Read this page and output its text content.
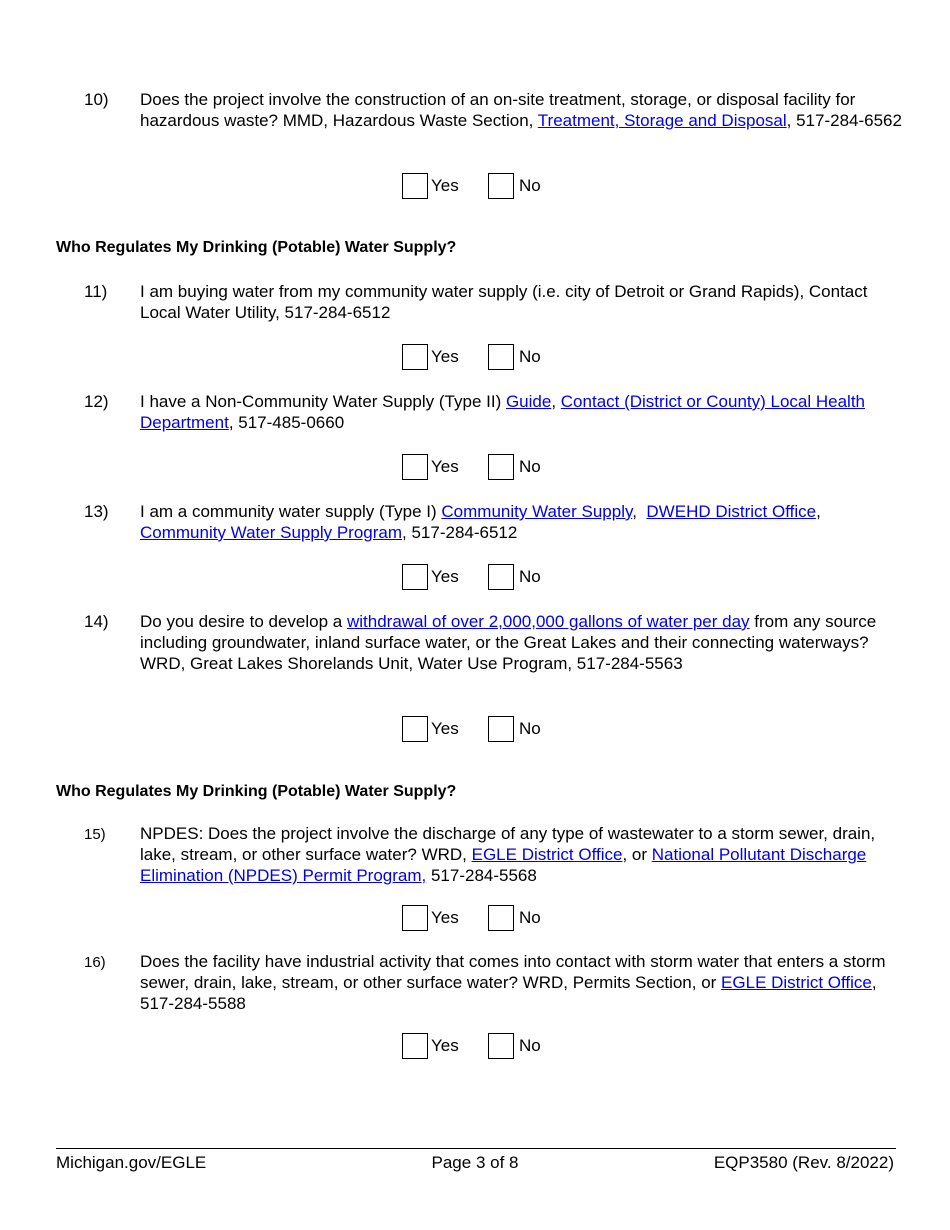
10) Does the project involve the construction of an on-site treatment, storage, or disposal facility for hazardous waste? MMD, Hazardous Waste Section, Treatment, Storage and Disposal, 517-284-6562
Yes	No
Who Regulates My Drinking (Potable) Water Supply?
11) I am buying water from my community water supply (i.e. city of Detroit or Grand Rapids), Contact Local Water Utility, 517-284-6512
Yes	No
12) I have a Non-Community Water Supply (Type II) Guide, Contact (District or County) Local Health Department, 517-485-0660
Yes	No
13) I am a community water supply (Type I) Community Water Supply,  DWEHD District Office, Community Water Supply Program, 517-284-6512
Yes	No
14) Do you desire to develop a withdrawal of over 2,000,000 gallons of water per day from any source including groundwater, inland surface water, or the Great Lakes and their connecting waterways? WRD, Great Lakes Shorelands Unit, Water Use Program, 517-284-5563
Yes	No
Who Regulates My Drinking (Potable) Water Supply?
15) NPDES: Does the project involve the discharge of any type of wastewater to a storm sewer, drain, lake, stream, or other surface water? WRD, EGLE District Office, or National Pollutant Discharge Elimination (NPDES) Permit Program, 517-284-5568
Yes	No
16) Does the facility have industrial activity that comes into contact with storm water that enters a storm sewer, drain, lake, stream, or other surface water? WRD, Permits Section, or EGLE District Office, 517-284-5588
Yes	No
Michigan.gov/EGLE	Page 3 of 8	EQP3580 (Rev. 8/2022)
